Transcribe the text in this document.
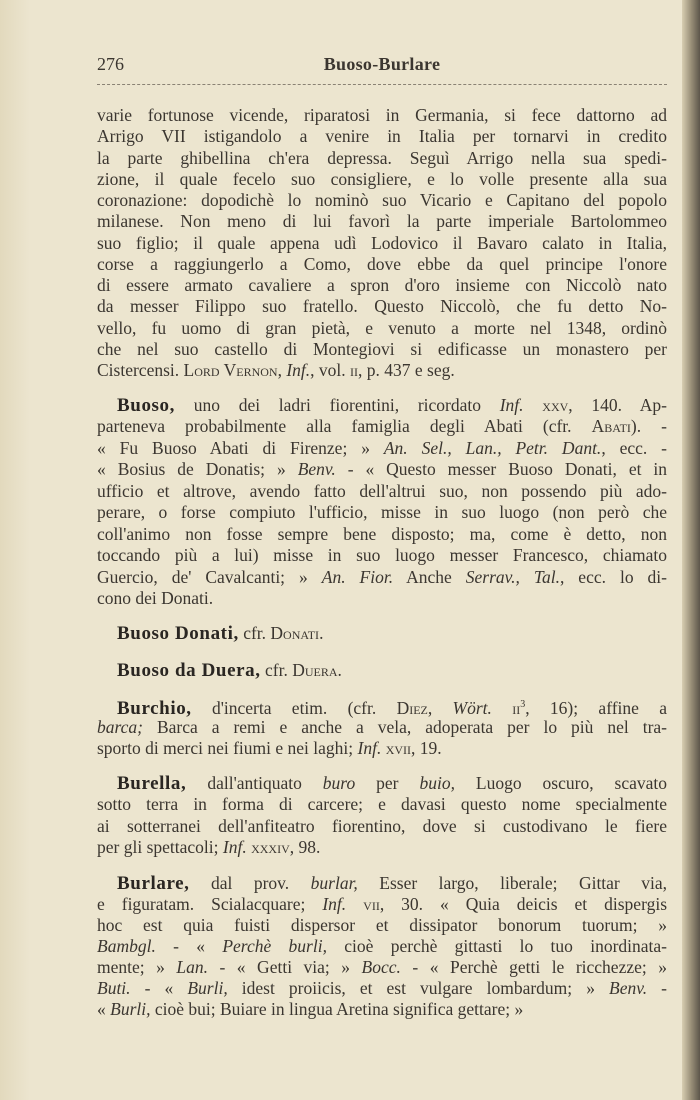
276	Buoso-Burlare
varie fortunose vicende, riparatosi in Germania, si fece dattorno ad
Arrigo VII istigandolo a venire in Italia per tornarvi in credito
la parte ghibellina ch'era depressa. Seguì Arrigo nella sua spedi-
zione, il quale fecelo suo consigliere, e lo volle presente alla sua
coronazione: dopodichè lo nominò suo Vicario e Capitano del popolo
milanese. Non meno di lui favorì la parte imperiale Bartolommeo
suo figlio; il quale appena udì Lodovico il Bavaro calato in Italia,
corse a raggiungerlo a Como, dove ebbe da quel principe l'onore
di essere armato cavaliere a spron d'oro insieme con Niccolò nato
da messer Filippo suo fratello. Questo Niccolò, che fu detto No-
vello, fu uomo di gran pietà, e venuto a morte nel 1348, ordinò
che nel suo castello di Montegiovi si edificasse un monastero per
Cistercensi. Lord Vernon, Inf., vol. ii, p. 437 e seg.
Buoso, uno dei ladri fiorentini, ricordato Inf. xxv, 140. Ap-
parteneva probabilmente alla famiglia degli Abati (cfr. Abati). -
« Fu Buoso Abati di Firenze; » An. Sel., Lan., Petr. Dant., ecc. -
« Bosius de Donatis; » Benv. - « Questo messer Buoso Donati, et in
ufficio et altrove, avendo fatto dell'altrui suo, non possendo più ado-
perare, o forse compiuto l'ufficio, misse in suo luogo (non però che
coll'animo non fosse sempre bene disposto; ma, come è detto, non
toccando più a lui) misse in suo luogo messer Francesco, chiamato
Guercio, de' Cavalcanti; » An. Fior. Anche Serrav., Tal., ecc. lo di-
cono dei Donati.
Buoso Donati, cfr. Donati.
Buoso da Duera, cfr. Duera.
Burchio, d'incerta etim. (cfr. Diez, Wört. $ii^3$, 16); affine a
barca; Barca a remi e anche a vela, adoperata per lo più nel tra-
sporto di merci nei fiumi e nei laghi; Inf. xvii, 19.
Burella, dall'antiquato buro per buio, Luogo oscuro, scavato
sotto terra in forma di carcere; e davasi questo nome specialmente
ai sotterranei dell'anfiteatro fiorentino, dove si custodivano le fiere
per gli spettacoli; Inf. xxxiv, 98.
Burlare, dal prov. burlar, Esser largo, liberale; Gittar via,
e figuratam. Scialacquare; Inf. vii, 30. « Quia deicis et dispergis
hoc est quia fuisti dispersor et dissipator bonorum tuorum; »
Bambgl. - « Perchè burli, cioè perchè gittasti lo tuo inordinata-
mente; » Lan. - « Getti via; » Bocc. - « Perchè getti le ricchezze; »
Buti. - « Burli, idest proiicis, et est vulgare lombardum; » Benv. -
« Burli, cioè bui; Buiare in lingua Aretina significa gettare; »
